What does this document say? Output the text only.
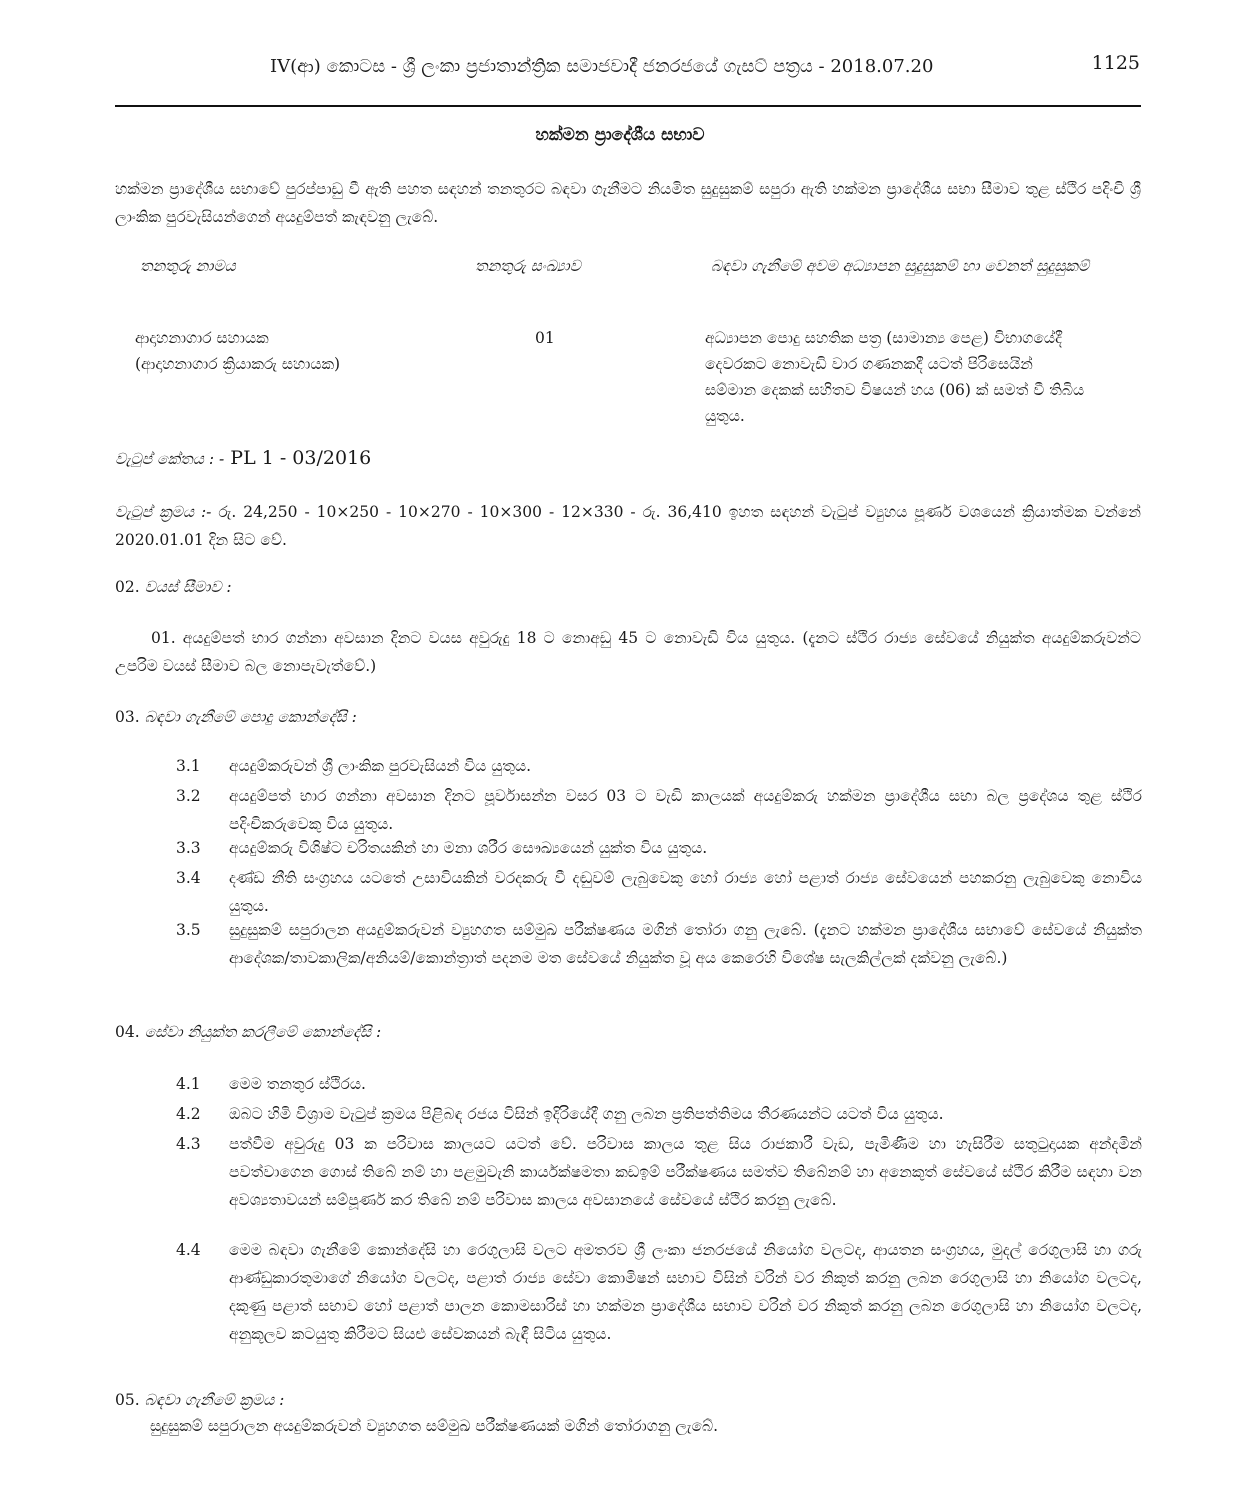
IV(ආ) කොටස - ශ්‍රී ලංකා ප්‍රජාතාන්ත්‍රික සමාජවාදී ජනරජයේ ගැසට් පත්‍රය - 2018.07.20	1125
හක්මන ප්‍රාදේශීය සභාව
හක්මන ප්‍රාදේශීය සභාවේ පුරප්පාඩු වී ඇති පහත සඳහන් තනතුරට බඳවා ගැනීමට නියමිත සුදුසුකම් සපුරා ඇති හක්මන ප්‍රාදේශීය සභා සීමාව තුළ ස්ථිර පදිංචි ශ්‍රී ලාංකික පුරවැසියන්ගෙන් අයදුම්පත් කැඳවනු ලැබේ.
තනතුරු නාමය	තනතුරු සංඛ්‍යාව	බඳවා ගැනීමේ අවම අධ්‍යාපන සුදුසුකම් හා වෙනත් සුදුසුකම්
ආදාහනාගාර සහායක
(ආදාහනාගාර ක්‍රියාකරු සහායක)
01	අධ්‍යාපන පොදු සහතික පත්‍ර (සාමාන්‍ය පෙළ) විභාගයේදී දෙවරකට නොවැඩි වාර ගණනකදී යටත් පිරිසෙයින් සම්මාන දෙකක් සහිතව විෂයන් හය (06) ක් සමත් වී තිබිය යුතුය.
වැටුප් කේතය : - PL 1 - 03/2016
වැටුප් ක්‍රමය :- රු. 24,250 - 10×250 - 10×270 - 10×300 - 12×330 - රු. 36,410 ඉහත සඳහන් වැටුප් ව්‍යුහය පූර්ණ වශයෙන් ක්‍රියාත්මක වන්නේ 2020.01.01 දින සිට වේ.
02. වයස් සීමාව :
01. අයදුම්පත් භාර ගන්නා අවසාන දිනට වයස අවුරුදු 18 ට නොඅඩු 45 ට නොවැඩි විය යුතුය. (දැනට ස්ථිර රාජ්‍ය සේවයේ නියුක්ත අයදුම්කරුවන්ට උපරිම වයස් සීමාව බල නොපැවැත්වේ.)
03. බඳවා ගැනීමේ පොදු කොන්දේසි :
3.1 අයදුම්කරුවන් ශ්‍රී ලාංකික පුරවැසියන් විය යුතුය.
3.2 අයදුම්පත් භාර ගන්නා අවසාන දිනට පූර්වාසන්න වසර 03 ට වැඩි කාලයක් අයදුම්කරු හක්මන ප්‍රාදේශීය සභා බල ප්‍රදේශය තුළ ස්ථිර පදිංචිකරුවෙකු විය යුතුය.
3.3 අයදුම්කරු විශිෂ්ට චරිතයකින් හා මනා ශරීර සෞඛ්‍යයෙන් යුක්ත විය යුතුය.
3.4 දණ්ඩ නීති සංග්‍රහය යටතේ උසාවියකින් වරදකරු වී දඬුවම් ලැබුවෙකු හෝ රාජ්‍ය හෝ පළාත් රාජ්‍ය සේවයෙන් පහකරනු ලැබුවෙකු නොවිය යුතුය.
3.5 සුදුසුකම් සපුරාලන අයදුම්කරුවන් ව්‍යුහගත සම්මුඛ පරීක්ෂණය මගින් තෝරා ගනු ලැබේ. (දැනට හක්මන ප්‍රාදේශීය සභාවේ සේවයේ නියුක්ත ආදේශක/තාවකාලික/අනියම්/කොන්ත්‍රාත් පදනම මත සේවයේ නියුක්ත වූ අය කෙරෙහි විශේෂ සැලකිල්ලක් දක්වනු ලැබේ.)
04. සේවා නියුක්ත කරලීමේ කොන්දේසි :
4.1 මෙම තනතුර ස්ථිරය.
4.2 ඔබට හිමි විශ්‍රාම වැටුප් ක්‍රමය පිළිබඳ රජය විසින් ඉදිරියේදී ගනු ලබන ප්‍රතිපත්තිමය තීරණයන්ට යටත් විය යුතුය.
4.3 පත්වීම අවුරුදු 03 ක පරිවාස කාලයට යටත් වේ. පරිවාස කාලය තුළ සිය රාජකාරී වැඩ, පැමිණීම හා හැසිරීම සතුටුදායක අන්දමින් පවත්වාගෙන ගොස් තිබේ නම් හා පළමුවැනි කාර්යක්ෂමතා කඩඉම් පරීක්ෂණය සමත්ව තිබේනම් හා අනෙකුත් සේවයේ ස්ථිර කිරීම සඳහා වන අවශ්‍යතාවයන් සම්පූර්ණ කර තිබේ නම් පරිවාස කාලය අවසානයේ සේවයේ ස්ථිර කරනු ලැබේ.
4.4 මෙම බඳවා ගැනීමේ කොන්දේසි හා රෙගුලාසි වලට අමතරව ශ්‍රී ලංකා ජනරජයේ නියෝග වලටද, ආයතන සංග්‍රහය, මුදල් රෙගුලාසි හා ගරු ආණ්ඩුකාරතුමාගේ නියෝග වලටද, පළාත් රාජ්‍ය සේවා කොමිෂන් සභාව විසින් වරින් වර නිකුත් කරනු ලබන රෙගුලාසි හා නියෝග වලටද, දකුණු පළාත් සභාව හෝ පළාත් පාලන කොමසාරිස් හා හක්මන ප්‍රාදේශීය සභාව වරින් වර නිකුත් කරනු ලබන රෙගුලාසි හා නියෝග වලටද, අනුකූලව කටයුතු කිරීමට සියළු සේවකයන් බැඳී සිටිය යුතුය.
05. බඳවා ගැනීමේ ක්‍රමය :
සුදුසුකම් සපුරාලන අයදුම්කරුවන් ව්‍යුහගත සම්මුඛ පරීක්ෂණයක් මගින් තෝරාගනු ලැබේ.
